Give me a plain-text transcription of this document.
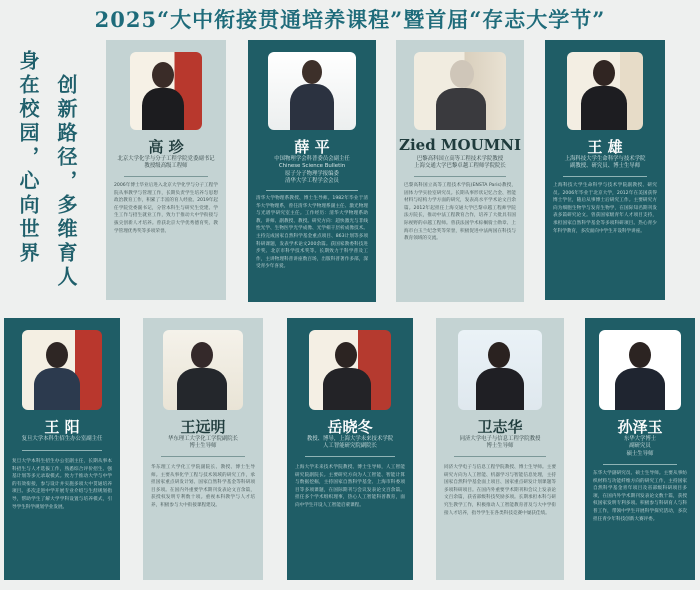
2025“大中衔接贯通培养课程”暨首届“存志大学节”
身在校园，心向世界 创新路径，多维育人	高 珍
北京大学化学与分子工程学院党委副书记
教授级高级工程师
2006年博士毕业后进入北京大学化学与分子工程学院从事教学与管理工作，长期负责学生培养与思想政治教育工作，积累了丰富的育人经验。2019年起任学院党委副书记，分管本科生与研究生党建、学生工作与招生就业工作，致力于推动大中学衔接与拔尖创新人才培养。曾获北京大学优秀德育奖、教学管理优秀奖等多项荣誉。
薛 平
中国物理学会科普委员会副主任
Chinese Science Bulletin
原子分子物理学报编委
清华大学工程学会会员
清华大学物理系教授、博士生导师。1982年毕业于清华大学物理系，曾任清华大学物理系副主任、激光物理与光谱学研究室主任。工作经历：清华大学物理系助教、讲师、副教授、教授。研究方向：超快激光与非线性光学、生物医学光学成像、光学相干层析成像技术。主持完成国家自然科学基金重点项目、863计划等多项科研课题，发表学术论文200余篇。获国家教委科技进步奖、北京市科学技术奖等。长期致力于科学普及工作，主讲物理科普讲座数百场，出版科普著作多部，深受青少年喜爱。
Zied MOUMNI
巴黎高科国立高等工程技术学院教授
上海交通大学巴黎卓越工程师学院院长
巴黎高科国立高等工程技术学院(ENSTA Paris)教授，固体力学实验室研究员。长期从事形状记忆合金、智能材料与结构力学方面的研究，发表高水平学术论文百余篇。2012年起担任上海交通大学巴黎卓越工程师学院法方院长，推动中法工程教育合作，培养了大批具有国际视野的卓越工程师。曾获法国学术棕榈骑士勋章、上海市白玉兰纪念奖等荣誉，积极促进中法两国在科技与教育领域的交流。
王 雄
上海科技大学生命科学与技术学院
副教授、研究员、博士生导师
上海科技大学生命科学与技术学院副教授、研究员。2006年毕业于北京大学，2012年在美国获得博士学位，随后从事博士后研究工作。主要研究方向为细胞生物学与发育生物学，在国际知名期刊发表多篇研究论文。曾获国家级青年人才项目支持，承担国家自然科学基金等多项科研项目。热心青少年科学教育，多次面向中学生开设科学讲座。
王 阳
复旦大学本科生招生办公室副主任
复旦大学本科生招生办公室副主任，长期从事本科招生与人才选拔工作，熟悉综合评价招生、强基计划等多元录取模式。致力于推动大学与中学的有效衔接，参与设计并实施多项大中贯通培养项目。多次走进中学开展专业介绍与生涯规划指导，帮助学生了解大学学科设置与培养模式，引导学生科学规划学业发展。
王远明
华东理工大学化工学院副院长
博士生导师
华东理工大学化工学院副院长、教授、博士生导师。主要从事化学工程与技术领域的研究工作，承担国家重点研发计划、国家自然科学基金等科研项目多项。在国内外重要学术期刊发表论文百余篇，获授权发明专利数十项。重视本科教学与人才培养，积极参与大中衔接课程建设。
岳晓冬
教授、博导，上海大学未来技术学院
人工智能研究院副院长
上海大学未来技术学院教授、博士生导师，人工智能研究院副院长。主要研究方向为人工智能、智能计算与数据挖掘，主持国家自然科学基金、上海市科委项目等多项课题，在国际期刊与会议发表论文百余篇。担任多个学术组织理事，热心人工智能科普教育，面向中学生开设人工智能启蒙课程。
卫志华
同济大学电子与信息工程学院教授
博士生导师
同济大学电子与信息工程学院教授、博士生导师。主要研究方向为人工智能、机器学习与智能信息处理，主持国家自然科学基金面上项目、国家重点研发计划课题等多项科研项目。在国内外重要学术期刊和会议上发表论文百余篇，获省部级科技奖励多项。长期承担本科与研究生教学工作，积极推动人工智能教育普及与大中学衔接人才培养，指导学生在各类科技竞赛中屡获佳绩。
孙泽玉
东华大学博士
副研究员
硕士生导师
东华大学副研究员、硕士生导师。主要从事纺织材料与功能纤维方向的研究工作，主持国家自然科学基金青年项目及省部级科研项目多项，在国内外学术期刊发表论文数十篇，获授权国家发明专利多项。积极参与科研育人与科普工作，带领中学生开展科学探究活动，多次担任青少年科技创新大赛评委。
